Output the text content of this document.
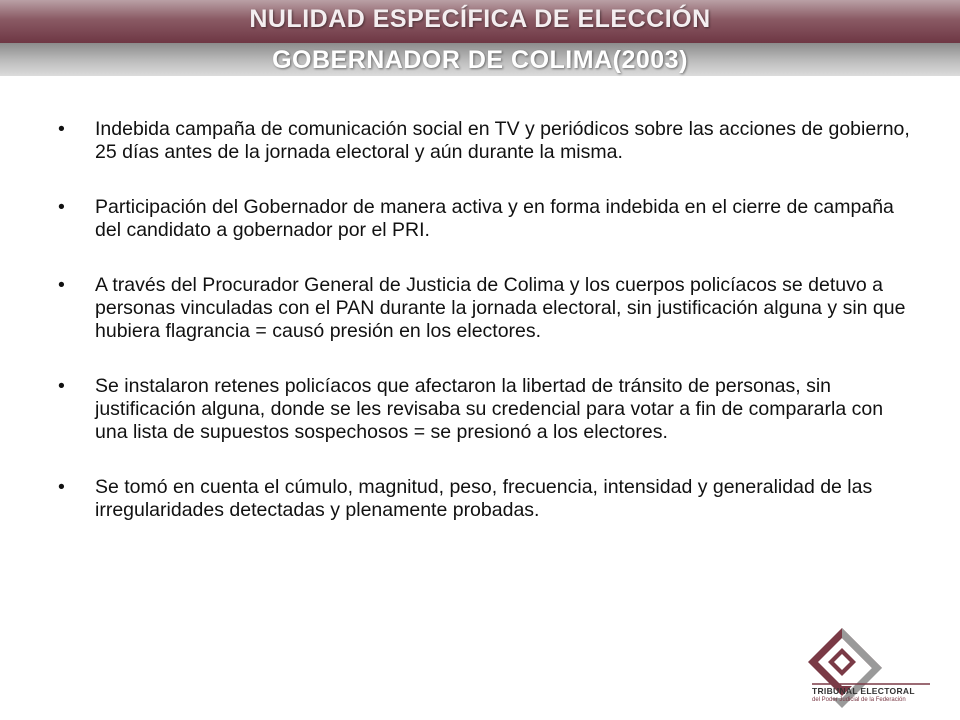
NULIDAD ESPECÍFICA DE ELECCIÓN
GOBERNADOR DE COLIMA(2003)
• Indebida campaña de comunicación social en TV y periódicos sobre las acciones de gobierno, 25 días antes de la jornada electoral y aún durante la misma.
• Participación del Gobernador de manera activa y en forma indebida en el cierre de campaña del candidato a gobernador por el PRI.
• A través del Procurador General de Justicia de Colima y los cuerpos policíacos se detuvo a personas vinculadas con el PAN durante la jornada electoral, sin justificación alguna y sin que hubiera flagrancia = causó presión en los electores.
• Se instalaron retenes policíacos que afectaron la libertad de tránsito de personas, sin justificación alguna, donde se les revisaba su credencial para votar a fin de compararla con una lista de supuestos sospechosos = se presionó a los electores.
• Se tomó en cuenta el cúmulo, magnitud, peso, frecuencia, intensidad y generalidad de las irregularidades detectadas y plenamente probadas.
TRIBUNAL ELECTORAL
del Poder Judicial de la Federación
